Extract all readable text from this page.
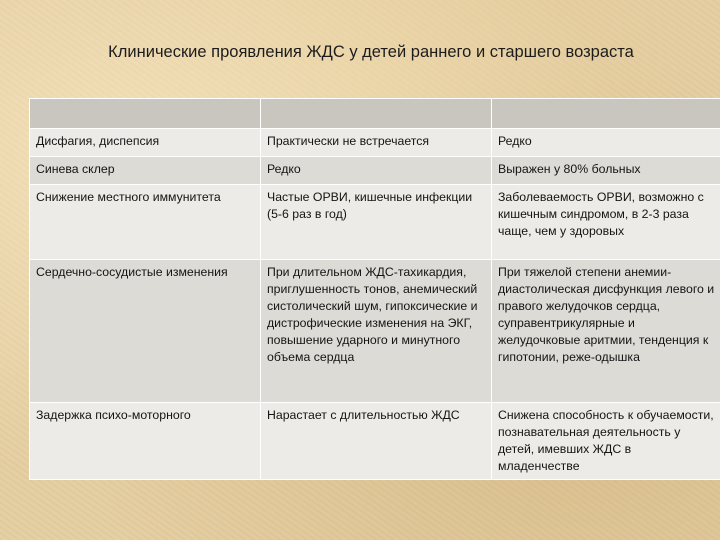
Клинические проявления ЖДС у детей раннего и старшего возраста

Дисфагия, диспепсия	Практически не встречается	Редко
Синева склер	Редко	Выражен у 80% больных
Снижение местного иммунитета	Частые ОРВИ, кишечные инфекции (5-6 раз в год)	Заболеваемость ОРВИ, возможно с кишечным синдромом, в 2-3 раза чаще, чем у здоровых
Сердечно-сосудистые изменения	При длительном ЖДС-тахикардия, приглушенность тонов, анемический систолический шум, гипоксические и дистрофические изменения на ЭКГ, повышение ударного и минутного объема сердца	При тяжелой степени анемии-диастолическая дисфункция левого и правого желудочков сердца, суправентрикулярные и желудочковые аритмии, тенденция к гипотонии, реже-одышка
Задержка психо-моторного	Нарастает с длительностью ЖДС	Снижена способность к обучаемости, познавательная деятельность у детей, имевших ЖДС в младенчестве
